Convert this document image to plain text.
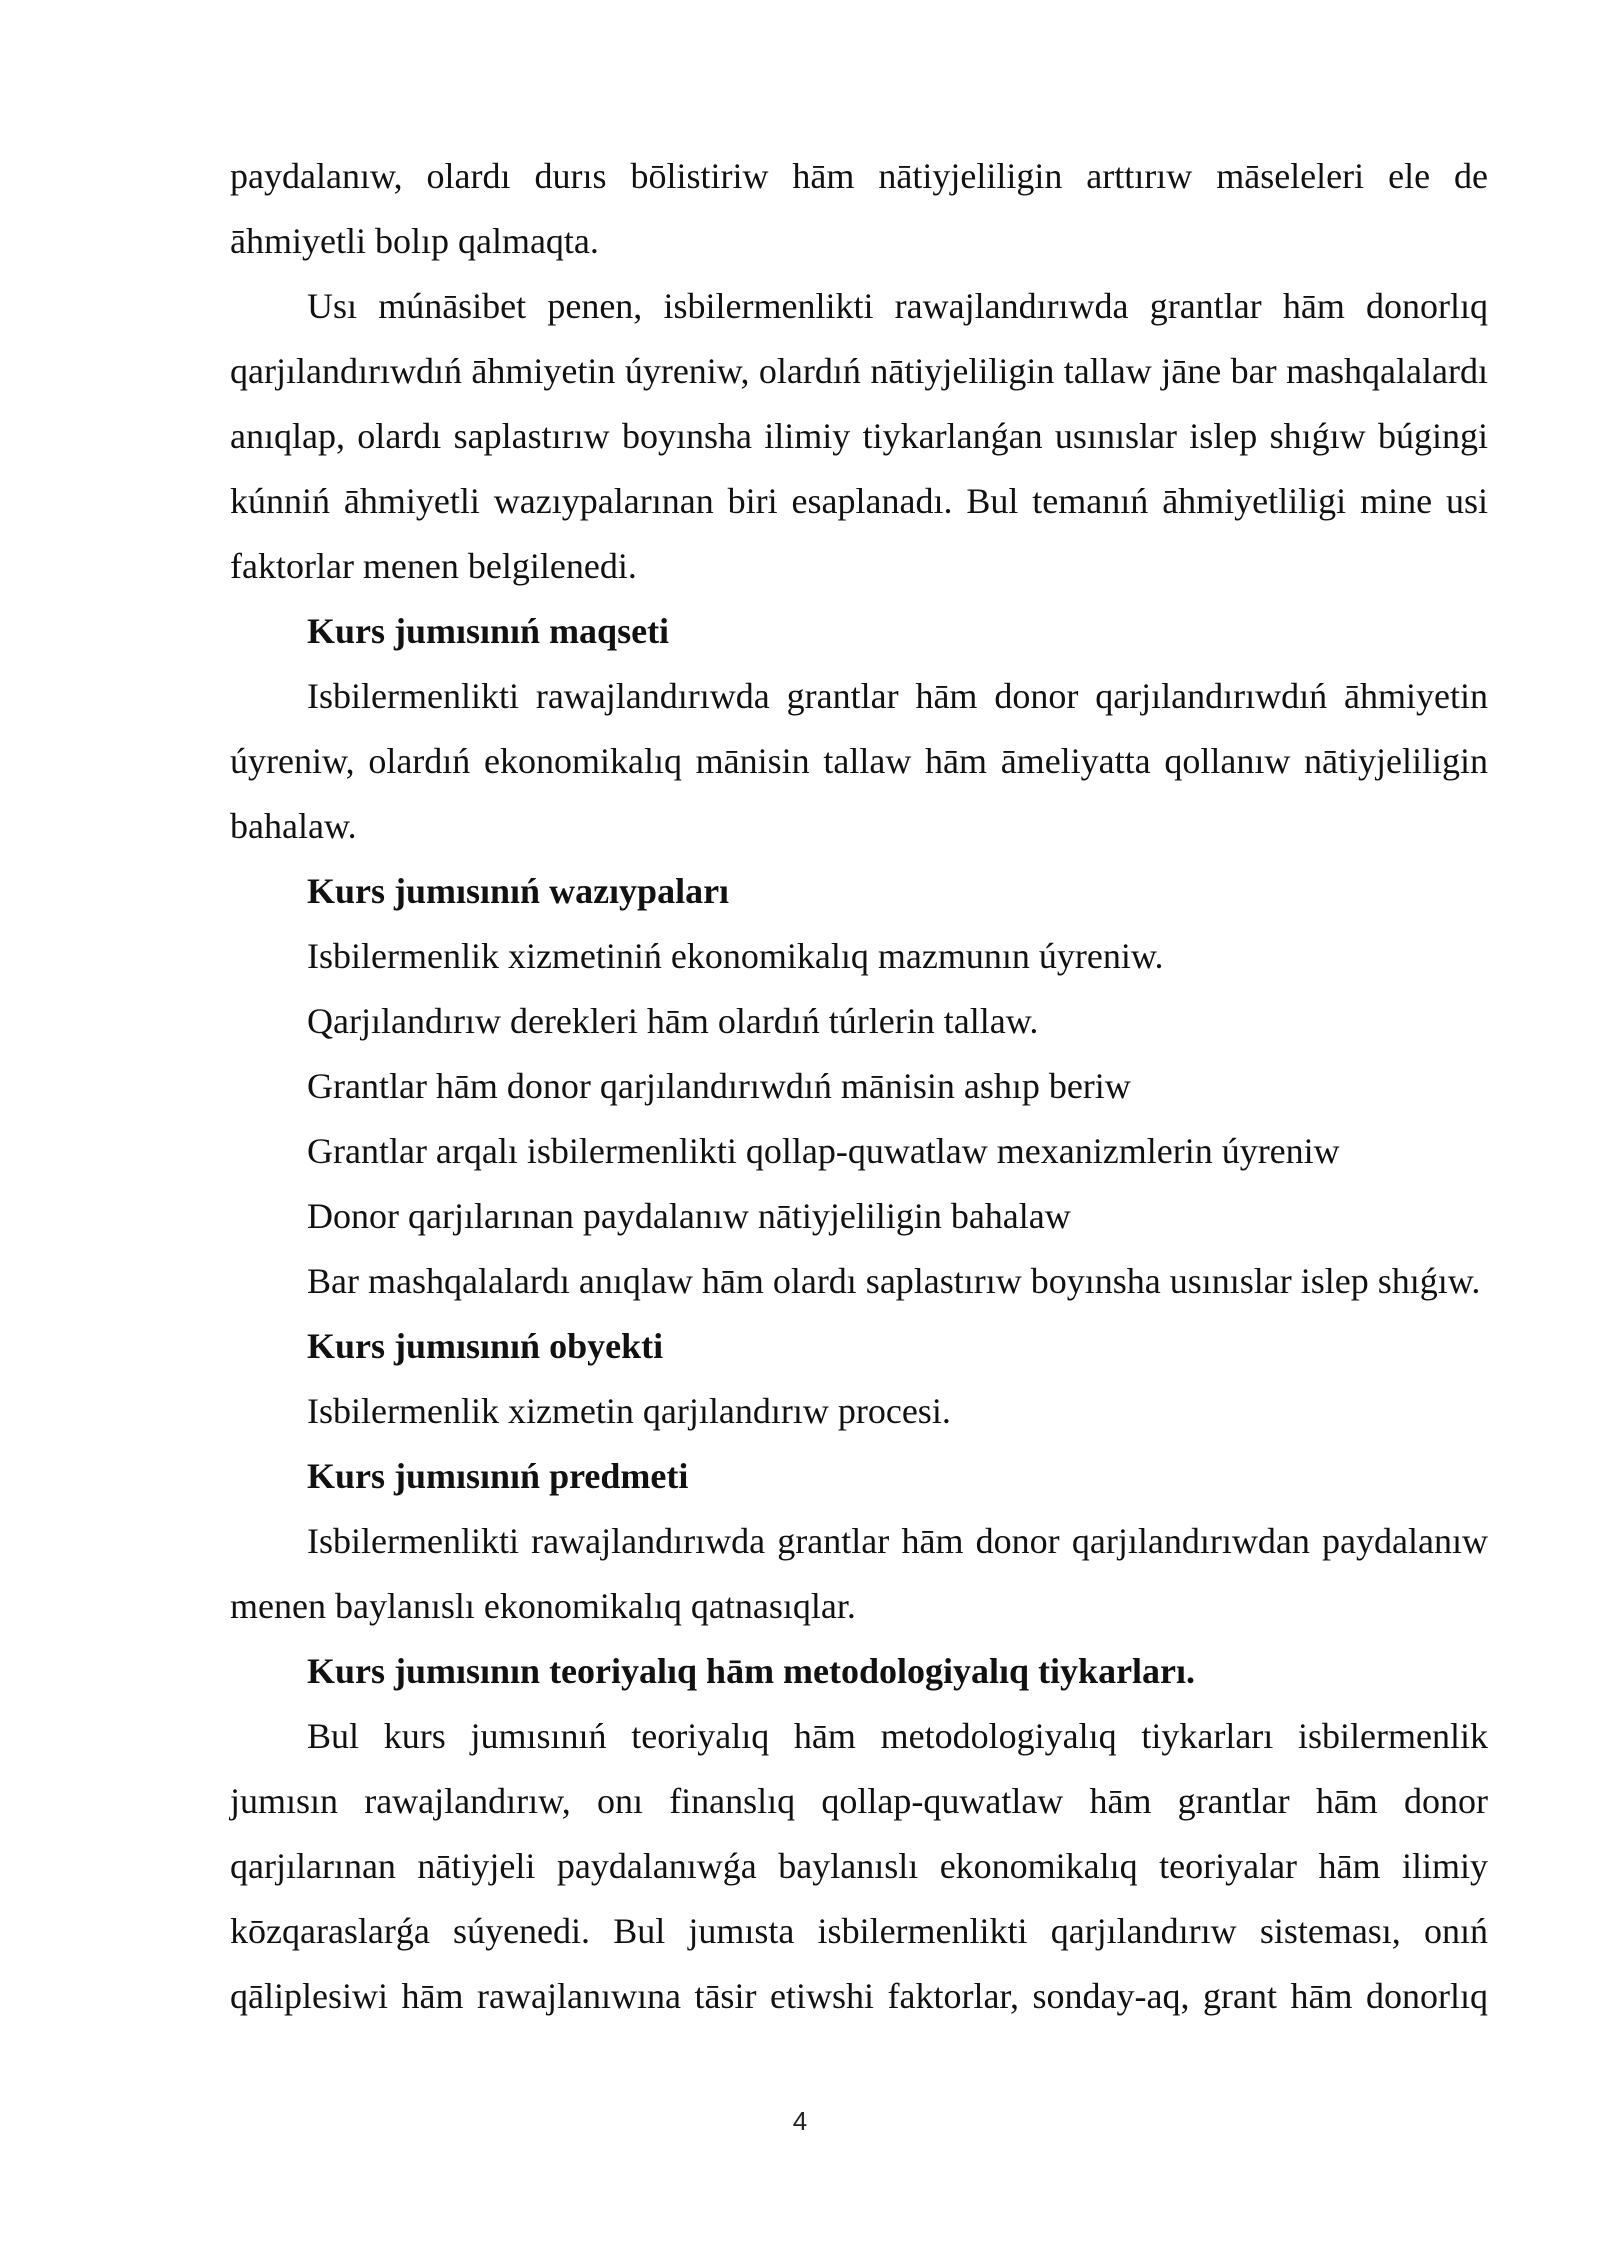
paydalanıw, olardı durıs bōlistiriw hām nātiyjeliligin arttırıw māseleleri ele de āhmiyetli bolıp qalmaqta.

Usı múnāsibet penen, isbilermenlikti rawajlandırıwda grantlar hām donorlıq qarjılandırıwdıń āhmiyetin úyreniw, olardıń nātiyjeliligin tallaw jāne bar mashqalalardı anıqlap, olardı saplastırıw boyınsha ilimiy tiykarlanǵan usınıslar islep shıǵıw búgingi kúnniń āhmiyetli wazıypalarınan biri esaplanadı. Bul temanıń āhmiyetliligi mine usi faktorlar menen belgilenedi.

Kurs jumısınıń maqseti

Isbilermenlikti rawajlandırıwda grantlar hām donor qarjılandırıwdıń āhmiyetin úyreniw, olardıń ekonomikalıq mānisin tallaw hām āmeliyatta qollanıw nātiyjeliligin bahalaw.

Kurs jumısınıń wazıypaları

Isbilermenlik xizmetiniń ekonomikalıq mazmunın úyreniw.

Qarjılandırıw derekleri hām olardıń túrlerin tallaw.

Grantlar hām donor qarjılandırıwdıń mānisin ashıp beriw

Grantlar arqalı isbilermenlikti qollap-quwatlaw mexanizmlerin úyreniw

Donor qarjılarınan paydalanıw nātiyjeliligin bahalaw

Bar mashqalalardı anıqlaw hām olardı saplastırıw boyınsha usınıslar islep shıǵıw.

Kurs jumısınıń obyekti

Isbilermenlik xizmetin qarjılandırıw procesi.

Kurs jumısınıń predmeti

Isbilermenlikti rawajlandırıwda grantlar hām donor qarjılandırıwdan paydalanıw menen baylanıslı ekonomikalıq qatnasıqlar.

Kurs jumısının teoriyalıq hām metodologiyalıq tiykarları.

Bul kurs jumısınıń teoriyalıq hām metodologiyalıq tiykarları isbilermenlik jumısın rawajlandırıw, onı finanslıq qollap-quwatlaw hām grantlar hām donor qarjılarınan nātiyjeli paydalanıwǵa baylanıslı ekonomikalıq teoriyalar hām ilimiy kōzqaraslarǵa súyenedi. Bul jumısta isbilermenlikti qarjılandırıw sisteması, onıń qāliplesiwi hām rawajlanıwına tāsir etiwshi faktorlar, sonday-aq, grant hām donorlıq

4
